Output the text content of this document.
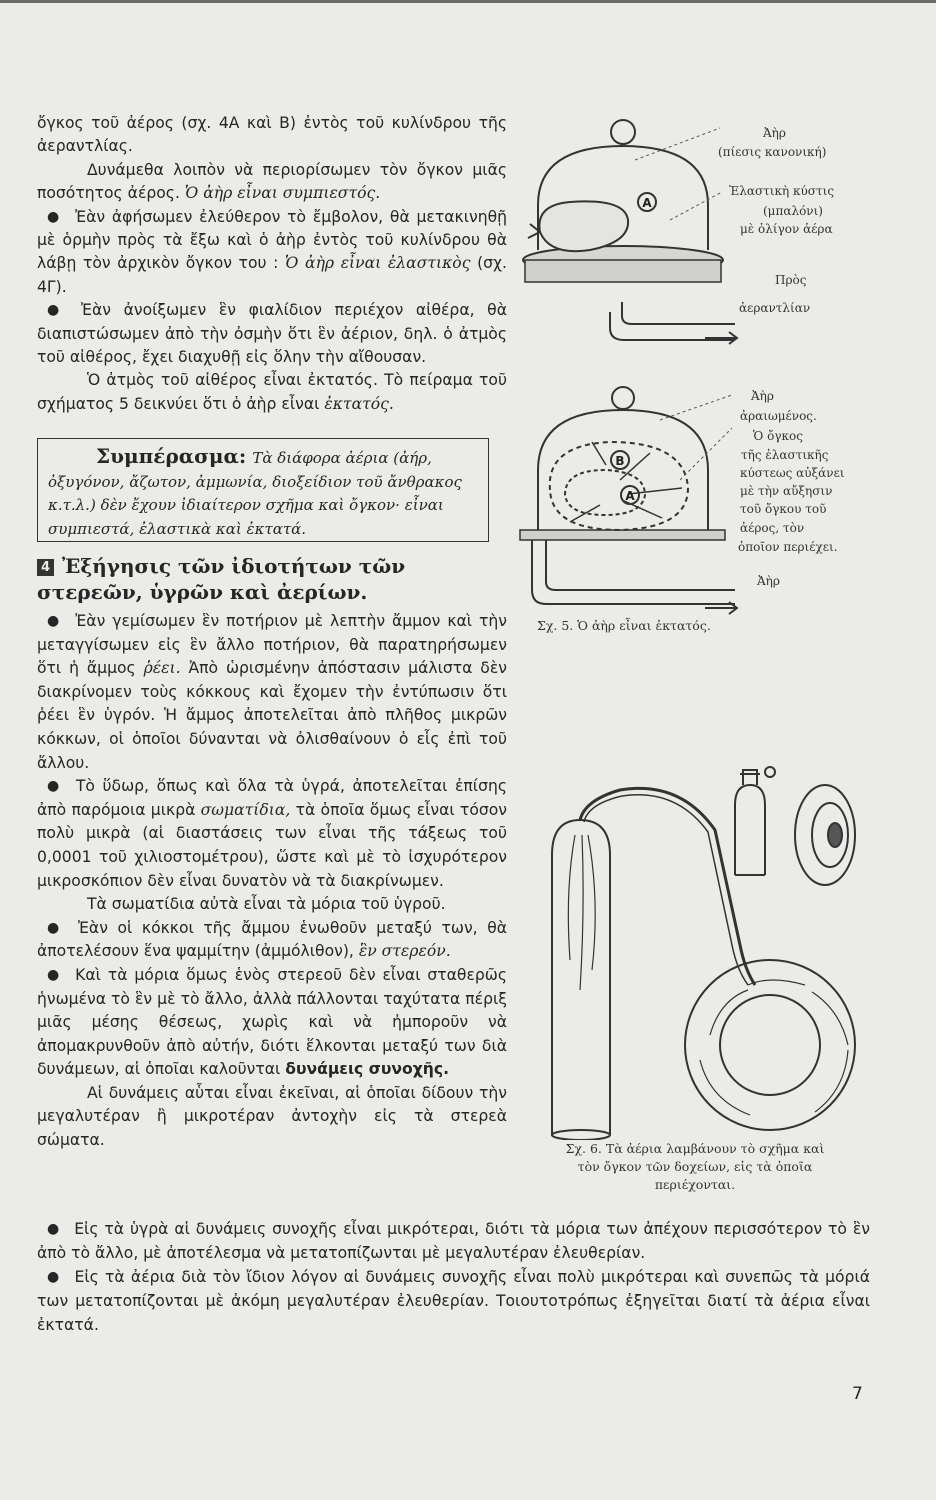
ὄγκος τοῦ ἀέρος (σχ. 4Α καὶ Β) ἐντὸς τοῦ κυλίνδρου τῆς ἀεραντλίας.

Δυνάμεθα λοιπὸν νὰ περιορίσωμεν τὸν ὄγκον μιᾶς ποσότητος ἀέρος. Ὁ ἀὴρ εἶναι συμπιεστός.

● Ἐὰν ἀφήσωμεν ἐλεύθερον τὸ ἔμβολον, θὰ μετακινηθῇ μὲ ὁρμὴν πρὸς τὰ ἔξω καὶ ὁ ἀὴρ ἐντὸς τοῦ κυλίνδρου θὰ λάβῃ τὸν ἀρχικὸν ὄγκον του : Ὁ ἀὴρ εἶναι ἐλαστικὸς (σχ. 4Γ).

● Ἐὰν ἀνοίξωμεν ἓν φιαλίδιον περιέχον αἰθέρα, θὰ διαπιστώσωμεν ἀπὸ τὴν ὀσμὴν ὅτι ἓν ἀέριον, δηλ. ὁ ἀτμὸς τοῦ αἰθέρος, ἔχει διαχυθῇ εἰς ὅλην τὴν αἴθουσαν.

Ὁ ἀτμὸς τοῦ αἰθέρος εἶναι ἐκτατός. Τὸ πείραμα τοῦ σχήματος 5 δεικνύει ὅτι ὁ ἀὴρ εἶναι ἐκτατός.

Συμπέρασμα: Τὰ διάφορα ἀέρια (ἀήρ, ὀξυγόνον, ἄζωτον, ἀμμωνία, διοξείδιον τοῦ ἄνθρακος κ.τ.λ.) δὲν ἔχουν ἰδιαίτερον σχῆμα καὶ ὄγκον· εἶναι συμπιεστά, ἐλαστικὰ καὶ ἐκτατά.
4 Ἐξήγησις τῶν ἰδιοτήτων τῶν στερεῶν, ὑγρῶν καὶ ἀερίων.

● Ἐὰν γεμίσωμεν ἓν ποτήριον μὲ λεπτὴν ἄμμον καὶ τὴν μεταγγίσωμεν εἰς ἓν ἄλλο ποτήριον, θὰ παρατηρήσωμεν ὅτι ἡ ἄμμος ῥέει. Ἀπὸ ὡρισμένην ἀπόστασιν μάλιστα δὲν διακρίνομεν τοὺς κόκκους καὶ ἔχομεν τὴν ἐντύπωσιν ὅτι ῥέει ἓν ὑγρόν. Ἡ ἄμμος ἀποτελεῖται ἀπὸ πλῆθος μικρῶν κόκκων, οἱ ὁποῖοι δύνανται νὰ ὀλισθαίνουν ὁ εἷς ἐπὶ τοῦ ἄλλου.

● Τὸ ὕδωρ, ὅπως καὶ ὅλα τὰ ὑγρά, ἀποτελεῖται ἐπίσης ἀπὸ παρόμοια μικρὰ σωματίδια, τὰ ὁποῖα ὅμως εἶναι τόσον πολὺ μικρὰ (αἱ διαστάσεις των εἶναι τῆς τάξεως τοῦ 0,0001 τοῦ χιλιοστομέτρου), ὥστε καὶ μὲ τὸ ἰσχυρότερον μικροσκόπιον δὲν εἶναι δυνατὸν νὰ τὰ διακρίνωμεν.

Τὰ σωματίδια αὐτὰ εἶναι τὰ μόρια τοῦ ὑγροῦ.

● Ἐὰν οἱ κόκκοι τῆς ἄμμου ἑνωθοῦν μεταξύ των, θὰ ἀποτελέσουν ἕνα ψαμμίτην (ἀμμόλιθον), ἓν στερεόν.

● Καὶ τὰ μόρια ὅμως ἑνὸς στερεοῦ δὲν εἶναι σταθερῶς ἡνωμένα τὸ ἓν μὲ τὸ ἄλλο, ἀλλὰ πάλλονται ταχύτατα πέριξ μιᾶς μέσης θέσεως, χωρὶς καὶ νὰ ἠμποροῦν νὰ ἀπομακρυνθοῦν ἀπὸ αὐτήν, διότι ἕλκονται μεταξύ των διὰ δυνάμεων, αἱ ὁποῖαι καλοῦνται δυνάμεις συνοχῆς.

Αἱ δυνάμεις αὗται εἶναι ἐκεῖναι, αἱ ὁποῖαι δίδουν τὴν μεγαλυτέραν ἢ μικροτέραν ἀντοχὴν εἰς τὰ στερεὰ σώματα.

● Εἰς τὰ ὑγρὰ αἱ δυνάμεις συνοχῆς εἶναι μικρότεραι, διότι τὰ μόρια των ἀπέχουν περισσότερον τὸ ἓν ἀπὸ τὸ ἄλλο, μὲ ἀποτέλεσμα νὰ μετατοπίζωνται μὲ μεγαλυτέραν ἐλευθερίαν.

● Εἰς τὰ ἀέρια διὰ τὸν ἴδιον λόγον αἱ δυνάμεις συνοχῆς εἶναι πολὺ μικρότεραι καὶ συνεπῶς τὰ μόριά των μετατοπίζονται μὲ ἀκόμη μεγαλυτέραν ἐλευθερίαν. Τοιουτοτρόπως ἐξηγεῖται διατί τὰ ἀέρια εἶναι ἐκτατά.

A
B
A
Ἀὴρ
(πίεσις κανονική)
Ἐλαστικὴ κύστις
(μπαλόνι)
μὲ ὀλίγον ἀέρα
Πρὸς
ἀεραντλίαν
Ἀὴρ
ἀραιωμένος.
Ὁ ὄγκος
τῆς ἐλαστικῆς
κύστεως αὐξάνει
μὲ τὴν αὔξησιν
τοῦ ὄγκου τοῦ
ἀέρος, τὸν
ὁποῖον περιέχει.
Ἀὴρ
Σχ. 5. Ὁ ἀὴρ εἶναι ἐκτατός.
Σχ. 6. Τὰ ἀέρια λαμβάνουν τὸ σχῆμα καὶ
τὸν ὄγκον τῶν δοχείων, εἰς τὰ ὁποῖα
περιέχονται.
7
